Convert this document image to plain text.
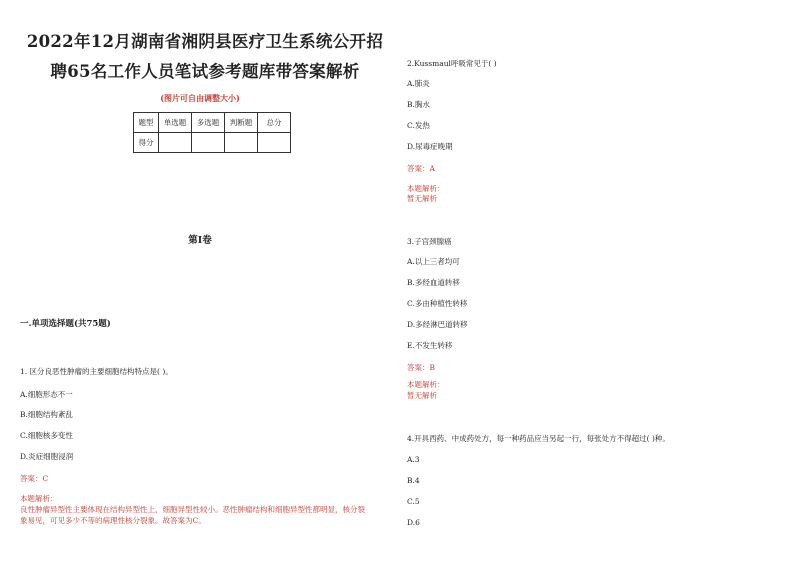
2022年12月湖南省湘阴县医疗卫生系统公开招
聘65名工作人员笔试参考题库带答案解析
(图片可自由调整大小)
题型	单选题	多选题	判断题	总分
得分				
第I卷
一.单项选择题(共75题)
1. 区分良恶性肿瘤的主要细胞结构特点是( )。
A.细胞形态不一
B.细胞结构紊乱
C.细胞核多变性
D.炎症细胞浸润
答案：C
本题解析：
良性肿瘤异型性主要体现在结构异型性上，细胞异型性较小。恶性肿瘤结构和细胞异型性都明显，核分裂
象易见，可见多少不等的病理性核分裂象。故答案为C。
2.Kussmaul呼吸常见于( )
A.肺炎
B.胸水
C.发热
D.尿毒症晚期
答案：A
本题解析：
暂无解析
3.子宫颈腺癌
A.以上三者均可
B.多经血道转移
C.多由种植性转移
D.多经淋巴道转移
E.不发生转移
答案：B
本题解析：
暂无解析
4.开具西药、中成药处方，每一种药品应当另起一行，每张处方不得超过( )种。
A.3
B.4
C.5
D.6
